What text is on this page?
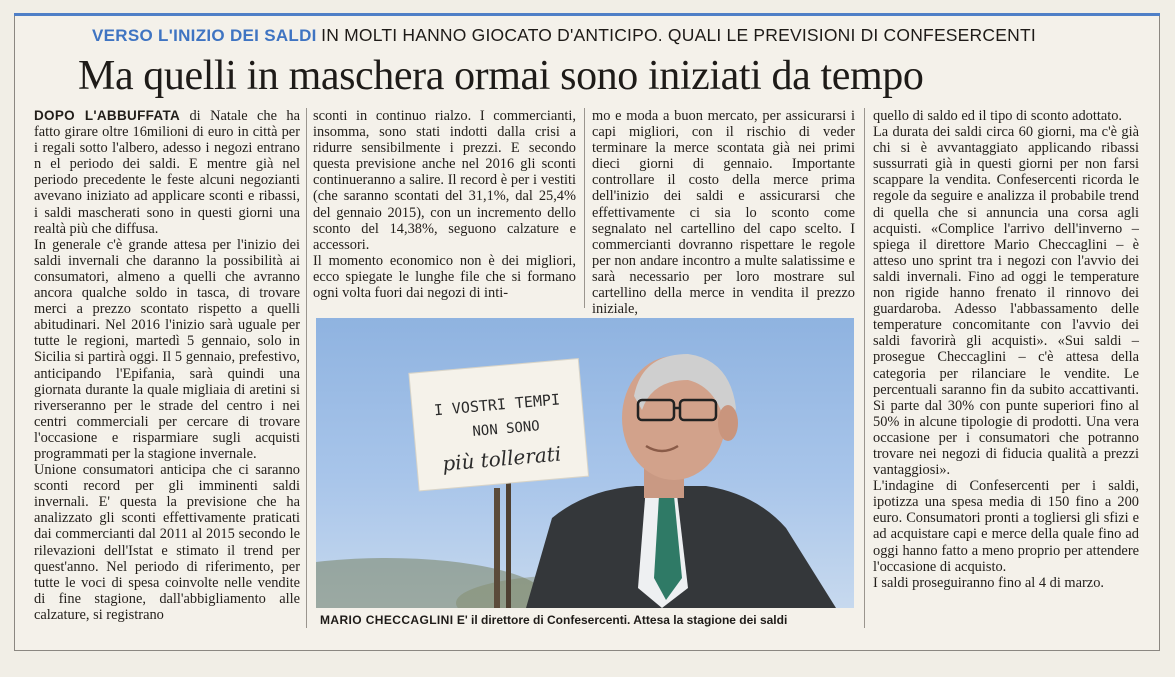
VERSO L'INIZIO DEI SALDI IN MOLTI HANNO GIOCATO D'ANTICIPO. QUALI LE PREVISIONI DI CONFESERCENTI
Ma quelli in maschera ormai sono iniziati da tempo

DOPO L'ABBUFFATA di Natale che ha fatto girare oltre 16milioni di euro in città per i regali sotto l'albero, adesso i negozi entrano n el periodo dei saldi. E mentre già nel periodo precedente le feste alcuni negozianti avevano iniziato ad applicare sconti e ribassi, i saldi mascherati sono in questi giorni una realtà più che diffusa.

In generale c'è grande attesa per l'inizio dei saldi invernali che daranno la possibilità ai consumatori, almeno a quelli che avranno ancora qualche soldo in tasca, di trovare merci a prezzo scontato rispetto a quelli abitudinari. Nel 2016 l'inizio sarà uguale per tutte le regioni, martedì 5 gennaio, solo in Sicilia si partirà oggi. Il 5 gennaio, prefestivo, anticipando l'Epifania, sarà quindi una giornata durante la quale migliaia di aretini si riverseranno per le strade del centro i nei centri commerciali per cercare di trovare l'occasione e risparmiare sugli acquisti programmati per la stagione invernale.

Unione consumatori anticipa che ci saranno sconti record per gli imminenti saldi invernali. E' questa la previsione che ha analizzato gli sconti effettivamente praticati dai commercianti dal 2011 al 2015 secondo le rilevazioni dell'Istat e stimato il trend per quest'anno. Nel periodo di riferimento, per tutte le voci di spesa coinvolte nelle vendite di fine stagione, dall'abbigliamento alle calzature, si registrano

sconti in continuo rialzo. I commercianti, insomma, sono stati indotti dalla crisi a ridurre sensibilmente i prezzi. E secondo questa previsione anche nel 2016 gli sconti continueranno a salire. Il record è per i vestiti (che saranno scontati del 31,1%, dal 25,4% del gennaio 2015), con un incremento dello sconto del 14,38%, seguono calzature e accessori.

Il momento economico non è dei migliori, ecco spiegate le lunghe file che si formano ogni volta fuori dai negozi di inti-

mo e moda a buon mercato, per assicurarsi i capi migliori, con il rischio di veder terminare la merce scontata già nei primi dieci giorni di gennaio. Importante controllare il costo della merce prima dell'inizio dei saldi e assicurarsi che effettivamente ci sia lo sconto come segnalato nel cartellino del capo scelto. I commercianti dovranno rispettare le regole per non andare incontro a multe salatissime e sarà necessario per loro mostrare sul cartellino della merce in vendita il prezzo iniziale,

quello di saldo ed il tipo di sconto adottato.

La durata dei saldi circa 60 giorni, ma c'è già chi si è avvantaggiato applicando ribassi sussurrati già in questi giorni per non farsi scappare la vendita. Confesercenti ricorda le regole da seguire e analizza il probabile trend di quella che si annuncia una corsa agli acquisti. «Complice l'arrivo dell'inverno – spiega il direttore Mario Checcaglini – è atteso uno sprint tra i negozi con l'avvio dei saldi invernali. Fino ad oggi le temperature non rigide hanno frenato il rinnovo dei guardaroba. Adesso l'abbassamento delle temperature concomitante con l'avvio dei saldi favorirà gli acquisti». «Sui saldi – prosegue Checcaglini – c'è attesa della categoria per rilanciare le vendite. Le percentuali saranno fin da subito accattivanti. Si parte dal 30% con punte superiori fino al 50% in alcune tipologie di prodotti. Una vera occasione per i consumatori che potranno trovare nei negozi di fiducia qualità a prezzi vantaggiosi».

L'indagine di Confesercenti per i saldi, ipotizza una spesa media di 150 fino a 200 euro. Consumatori pronti a togliersi gli sfizi e ad acquistare capi e merce della quale fino ad oggi hanno fatto a meno proprio per attendere l'occasione di acquisto.

I saldi proseguiranno fino al 4 di marzo.

I VOSTRI TEMPI
NON SONO
più tollerati
MARIO CHECCAGLINI E' il direttore di Confesercenti. Attesa la stagione dei saldi
